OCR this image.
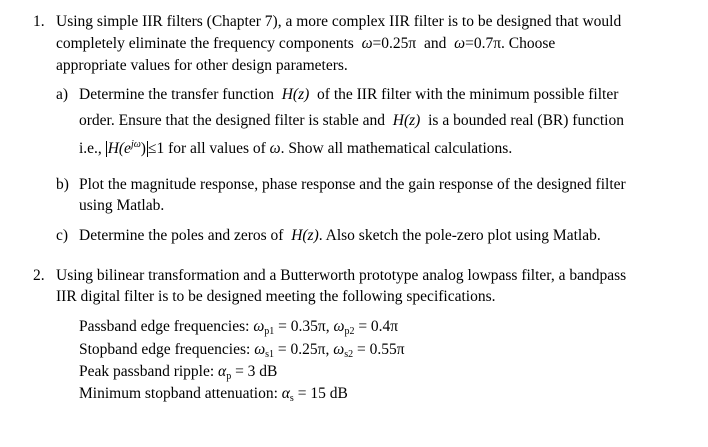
1. Using simple IIR filters (Chapter 7), a more complex IIR filter is to be designed that would
completely eliminate the frequency components ω=0.25π and ω=0.7π. Choose
appropriate values for other design parameters.
a) Determine the transfer function H(z) of the IIR filter with the minimum possible filter
order. Ensure that the designed filter is stable and H(z) is a bounded real (BR) function
i.e., $H(e^{j\omega}) \le 1$ for all values of ω. Show all mathematical calculations.
b) Plot the magnitude response, phase response and the gain response of the designed filter
using Matlab.
c) Determine the poles and zeros of H(z). Also sketch the pole-zero plot using Matlab.
2. Using bilinear transformation and a Butterworth prototype analog lowpass filter, a bandpass
IIR digital filter is to be designed meeting the following specifications.
Passband edge frequencies: $\omega_{p1} = 0.35\pi$, $\omega_{p2} = 0.4\pi$
Stopband edge frequencies: $\omega_{s1} = 0.25\pi$, $\omega_{s2} = 0.55\pi$
Peak passband ripple: $\alpha_p = 3$ dB
Minimum stopband attenuation: $\alpha_s = 15$ dB
